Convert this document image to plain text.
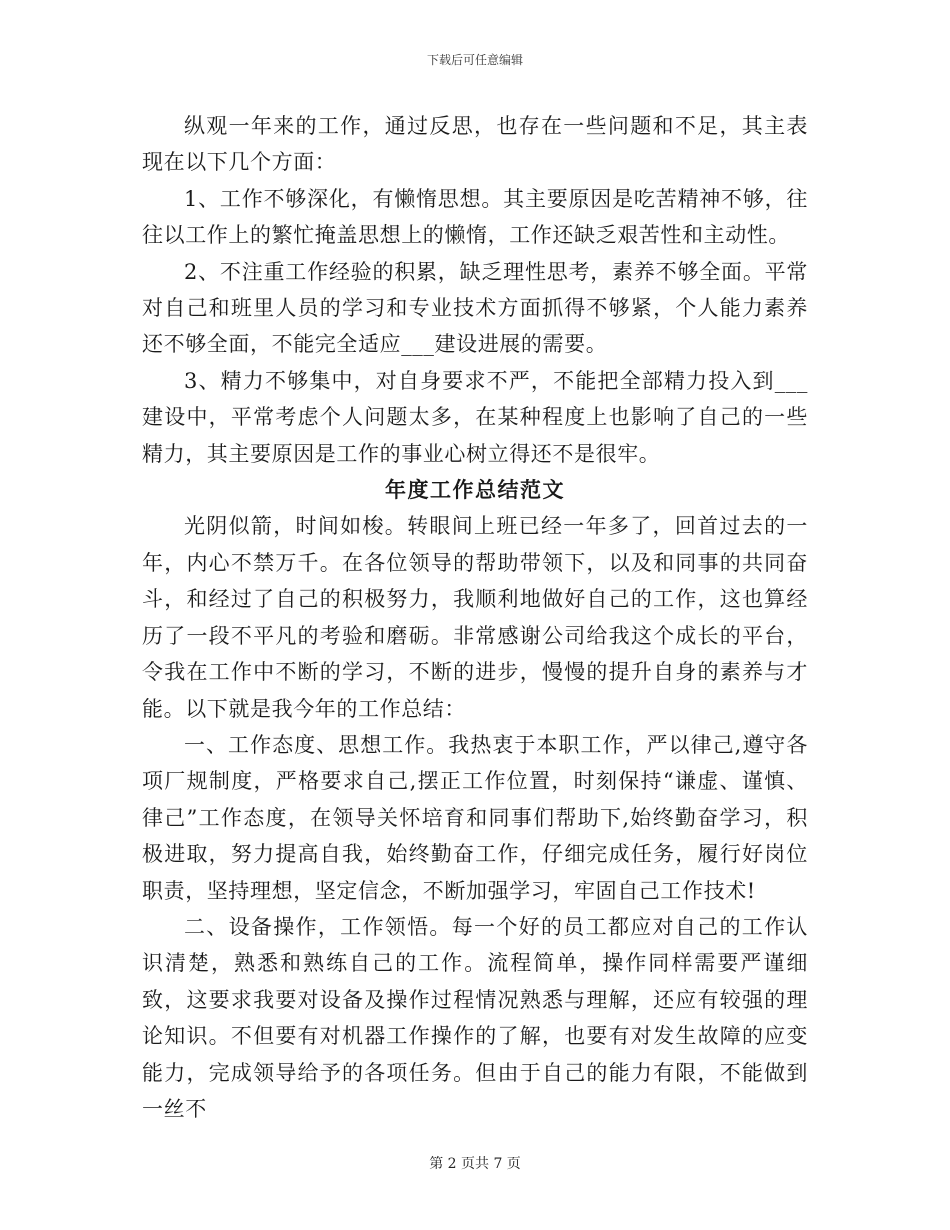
下载后可任意编辑

纵观一年来的工作，通过反思，也存在一些问题和不足，其主表现在以下几个方面：

1、工作不够深化，有懒惰思想。其主要原因是吃苦精神不够，往往以工作上的繁忙掩盖思想上的懒惰，工作还缺乏艰苦性和主动性。

2、不注重工作经验的积累，缺乏理性思考，素养不够全面。平常对自己和班里人员的学习和专业技术方面抓得不够紧，个人能力素养还不够全面，不能完全适应___建设进展的需要。

3、精力不够集中，对自身要求不严，不能把全部精力投入到___建设中，平常考虑个人问题太多，在某种程度上也影响了自己的一些精力，其主要原因是工作的事业心树立得还不是很牢。

年度工作总结范文

光阴似箭，时间如梭。转眼间上班已经一年多了，回首过去的一年，内心不禁万千。在各位领导的帮助带领下，以及和同事的共同奋斗，和经过了自己的积极努力，我顺利地做好自己的工作，这也算经历了一段不平凡的考验和磨砺。非常感谢公司给我这个成长的平台，令我在工作中不断的学习，不断的进步，慢慢的提升自身的素养与才能。以下就是我今年的工作总结：

一、工作态度、思想工作。我热衷于本职工作，严以律己,遵守各项厂规制度，严格要求自己,摆正工作位置，时刻保持“谦虚、谨慎、律己”工作态度，在领导关怀培育和同事们帮助下,始终勤奋学习，积极进取，努力提高自我，始终勤奋工作，仔细完成任务，履行好岗位职责，坚持理想，坚定信念，不断加强学习，牢固自己工作技术!

二、设备操作，工作领悟。每一个好的员工都应对自己的工作认识清楚，熟悉和熟练自己的工作。流程简单，操作同样需要严谨细致，这要求我要对设备及操作过程情况熟悉与理解，还应有较强的理论知识。不但要有对机器工作操作的了解，也要有对发生故障的应变能力，完成领导给予的各项任务。但由于自己的能力有限，不能做到一丝不

第 2 页共 7 页
